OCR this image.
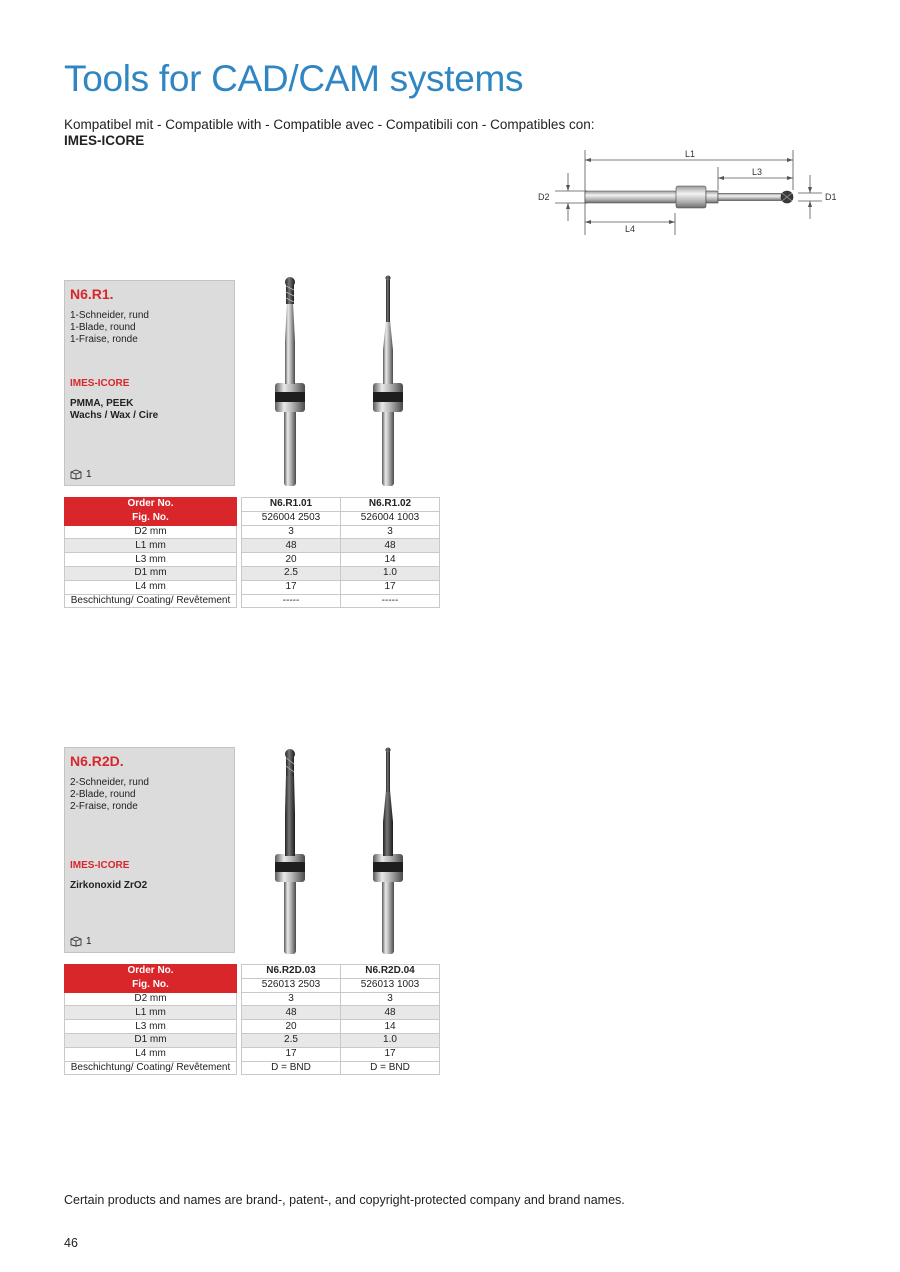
Tools for CAD/CAM systems
Kompatibel mit - Compatible with - Compatible avec - Compatibili con - Compatibles con:
IMES-ICORE
L1
L3
L4
D2	D1
N6.R1.
1-Schneider, rund
1-Blade, round
1-Fraise, ronde
IMES-ICORE
PMMA, PEEK
Wachs / Wax / Cire
1
Order No.		N6.R1.01	N6.R1.02
Fig. No.		526004 2503	526004 1003
D2 mm		3	3
L1 mm		48	48
L3 mm		20	14
D1 mm		2.5	1.0
L4 mm		17	17
Beschichtung/ Coating/ Revêtement		-----	-----
N6.R2D.
2-Schneider, rund
2-Blade, round
2-Fraise, ronde
IMES-ICORE
Zirkonoxid ZrO2
1
Order No.		N6.R2D.03	N6.R2D.04
Fig. No.		526013 2503	526013 1003
D2 mm		3	3
L1 mm		48	48
L3 mm		20	14
D1 mm		2.5	1.0
L4 mm		17	17
Beschichtung/ Coating/ Revêtement		D = BND	D = BND
Certain products and names are brand-, patent-, and copyright-protected company and brand names.
46
